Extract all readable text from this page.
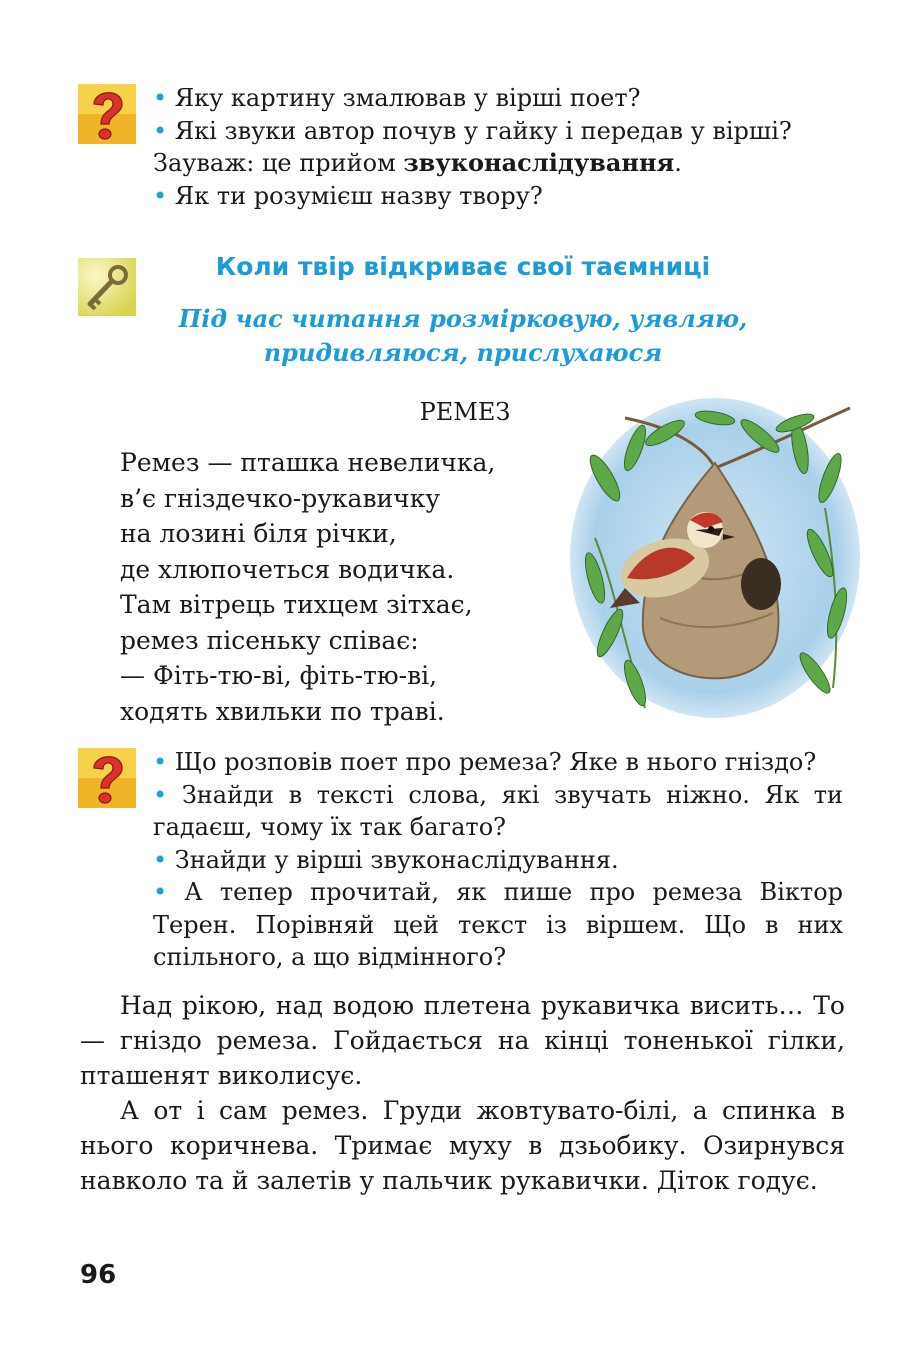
• Яку картину змалював у вірші поет?
• Які звуки автор почув у гайку і передав у вірші?
Зауваж: це прийом звуконаслідування.
• Як ти розумієш назву твору?
Коли твір відкриває свої таємниці
Під час читання розмірковую, уявляю,
придивляюся, прислухаюся
РЕМЕЗ
Ремез — пташка невеличка,
в’є гніздечко-рукавичку
на лозині біля річки,
де хлюпочеться водичка.
Там вітрець тихцем зітхає,
ремез пісеньку співає:
— Фіть-тю-ві, фіть-тю-ві,
ходять хвильки по траві.
• Що розповів поет про ремеза? Яке в нього гніздо?
• Знайди в тексті слова, які звучать ніжно. Як ти гадаєш, чому їх так багато?
• Знайди у вірші звуконаслідування.
• А тепер прочитай, як пише про ремеза Віктор Терен. Порівняй цей текст із віршем. Що в них спільного, а що відмінного?

Над рікою, над водою плетена рукавичка висить… То — гніздо ремеза. Гойдається на кінці тоненької гілки, пташенят виколисує.

А от і сам ремез. Груди жовтувато-білі, а спинка в нього коричнева. Тримає муху в дзьобику. Озирнувся навколо та й залетів у пальчик рукавички. Діток годує.

96
